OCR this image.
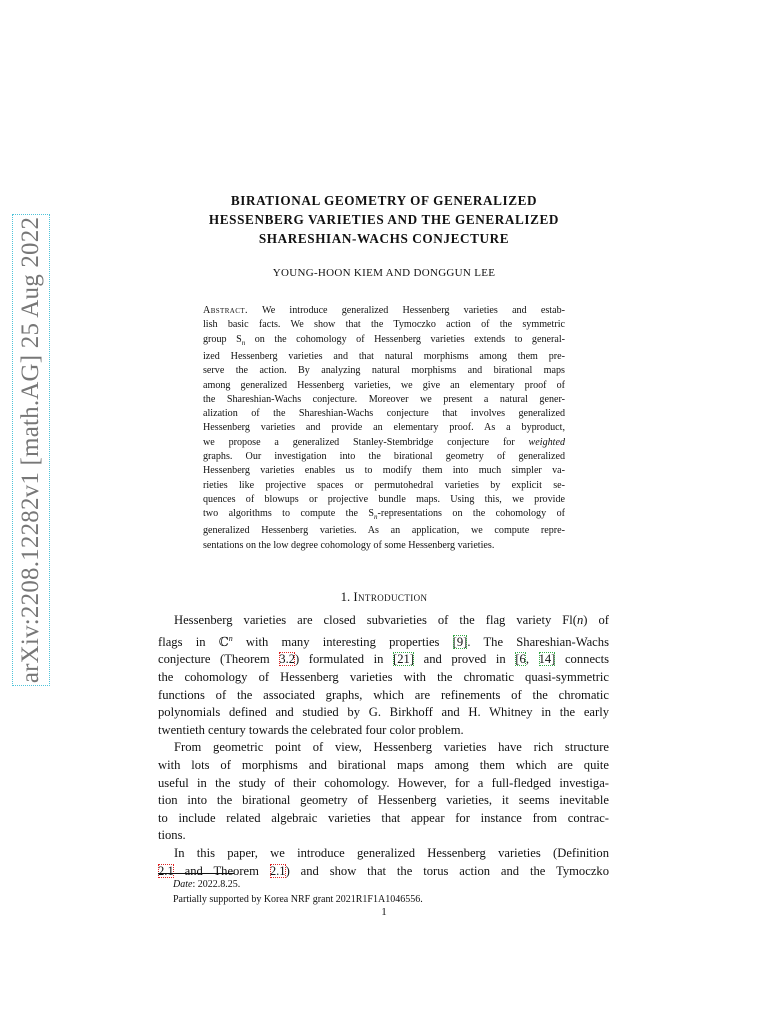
arXiv:2208.12282v1 [math.AG] 25 Aug 2022
BIRATIONAL GEOMETRY OF GENERALIZED
HESSENBERG VARIETIES AND THE GENERALIZED
SHARESHIAN-WACHS CONJECTURE
YOUNG-HOON KIEM AND DONGGUN LEE
Abstract. We introduce generalized Hessenberg varieties and estab-
lish basic facts. We show that the Tymoczko action of the symmetric
group $S_n$ on the cohomology of Hessenberg varieties extends to general-
ized Hessenberg varieties and that natural morphisms among them pre-
serve the action. By analyzing natural morphisms and birational maps
among generalized Hessenberg varieties, we give an elementary proof of
the Shareshian-Wachs conjecture. Moreover we present a natural gener-
alization of the Shareshian-Wachs conjecture that involves generalized
Hessenberg varieties and provide an elementary proof. As a byproduct,
we propose a generalized Stanley-Stembridge conjecture for weighted
graphs. Our investigation into the birational geometry of generalized
Hessenberg varieties enables us to modify them into much simpler va-
rieties like projective spaces or permutohedral varieties by explicit se-
quences of blowups or projective bundle maps. Using this, we provide
two algorithms to compute the $S_n$-representations on the cohomology of
generalized Hessenberg varieties. As an application, we compute repre-
sentations on the low degree cohomology of some Hessenberg varieties.
1. Introduction
Hessenberg varieties are closed subvarieties of the flag variety Fl(n) of
flags in ℂ$^n$ with many interesting properties [9]. The Shareshian-Wachs
conjecture (Theorem 3.2) formulated in [21] and proved in [6, 14] connects
the cohomology of Hessenberg varieties with the chromatic quasi-symmetric
functions of the associated graphs, which are refinements of the chromatic
polynomials defined and studied by G. Birkhoff and H. Whitney in the early
twentieth century towards the celebrated four color problem.
From geometric point of view, Hessenberg varieties have rich structure
with lots of morphisms and birational maps among them which are quite
useful in the study of their cohomology. However, for a full-fledged investiga-
tion into the birational geometry of Hessenberg varieties, it seems inevitable
to include related algebraic varieties that appear for instance from contrac-
tions.
In this paper, we introduce generalized Hessenberg varieties (Definition
2.1 and Theorem 2.1) and show that the torus action and the Tymoczko
Date: 2022.8.25.
Partially supported by Korea NRF grant 2021R1F1A1046556.
1
